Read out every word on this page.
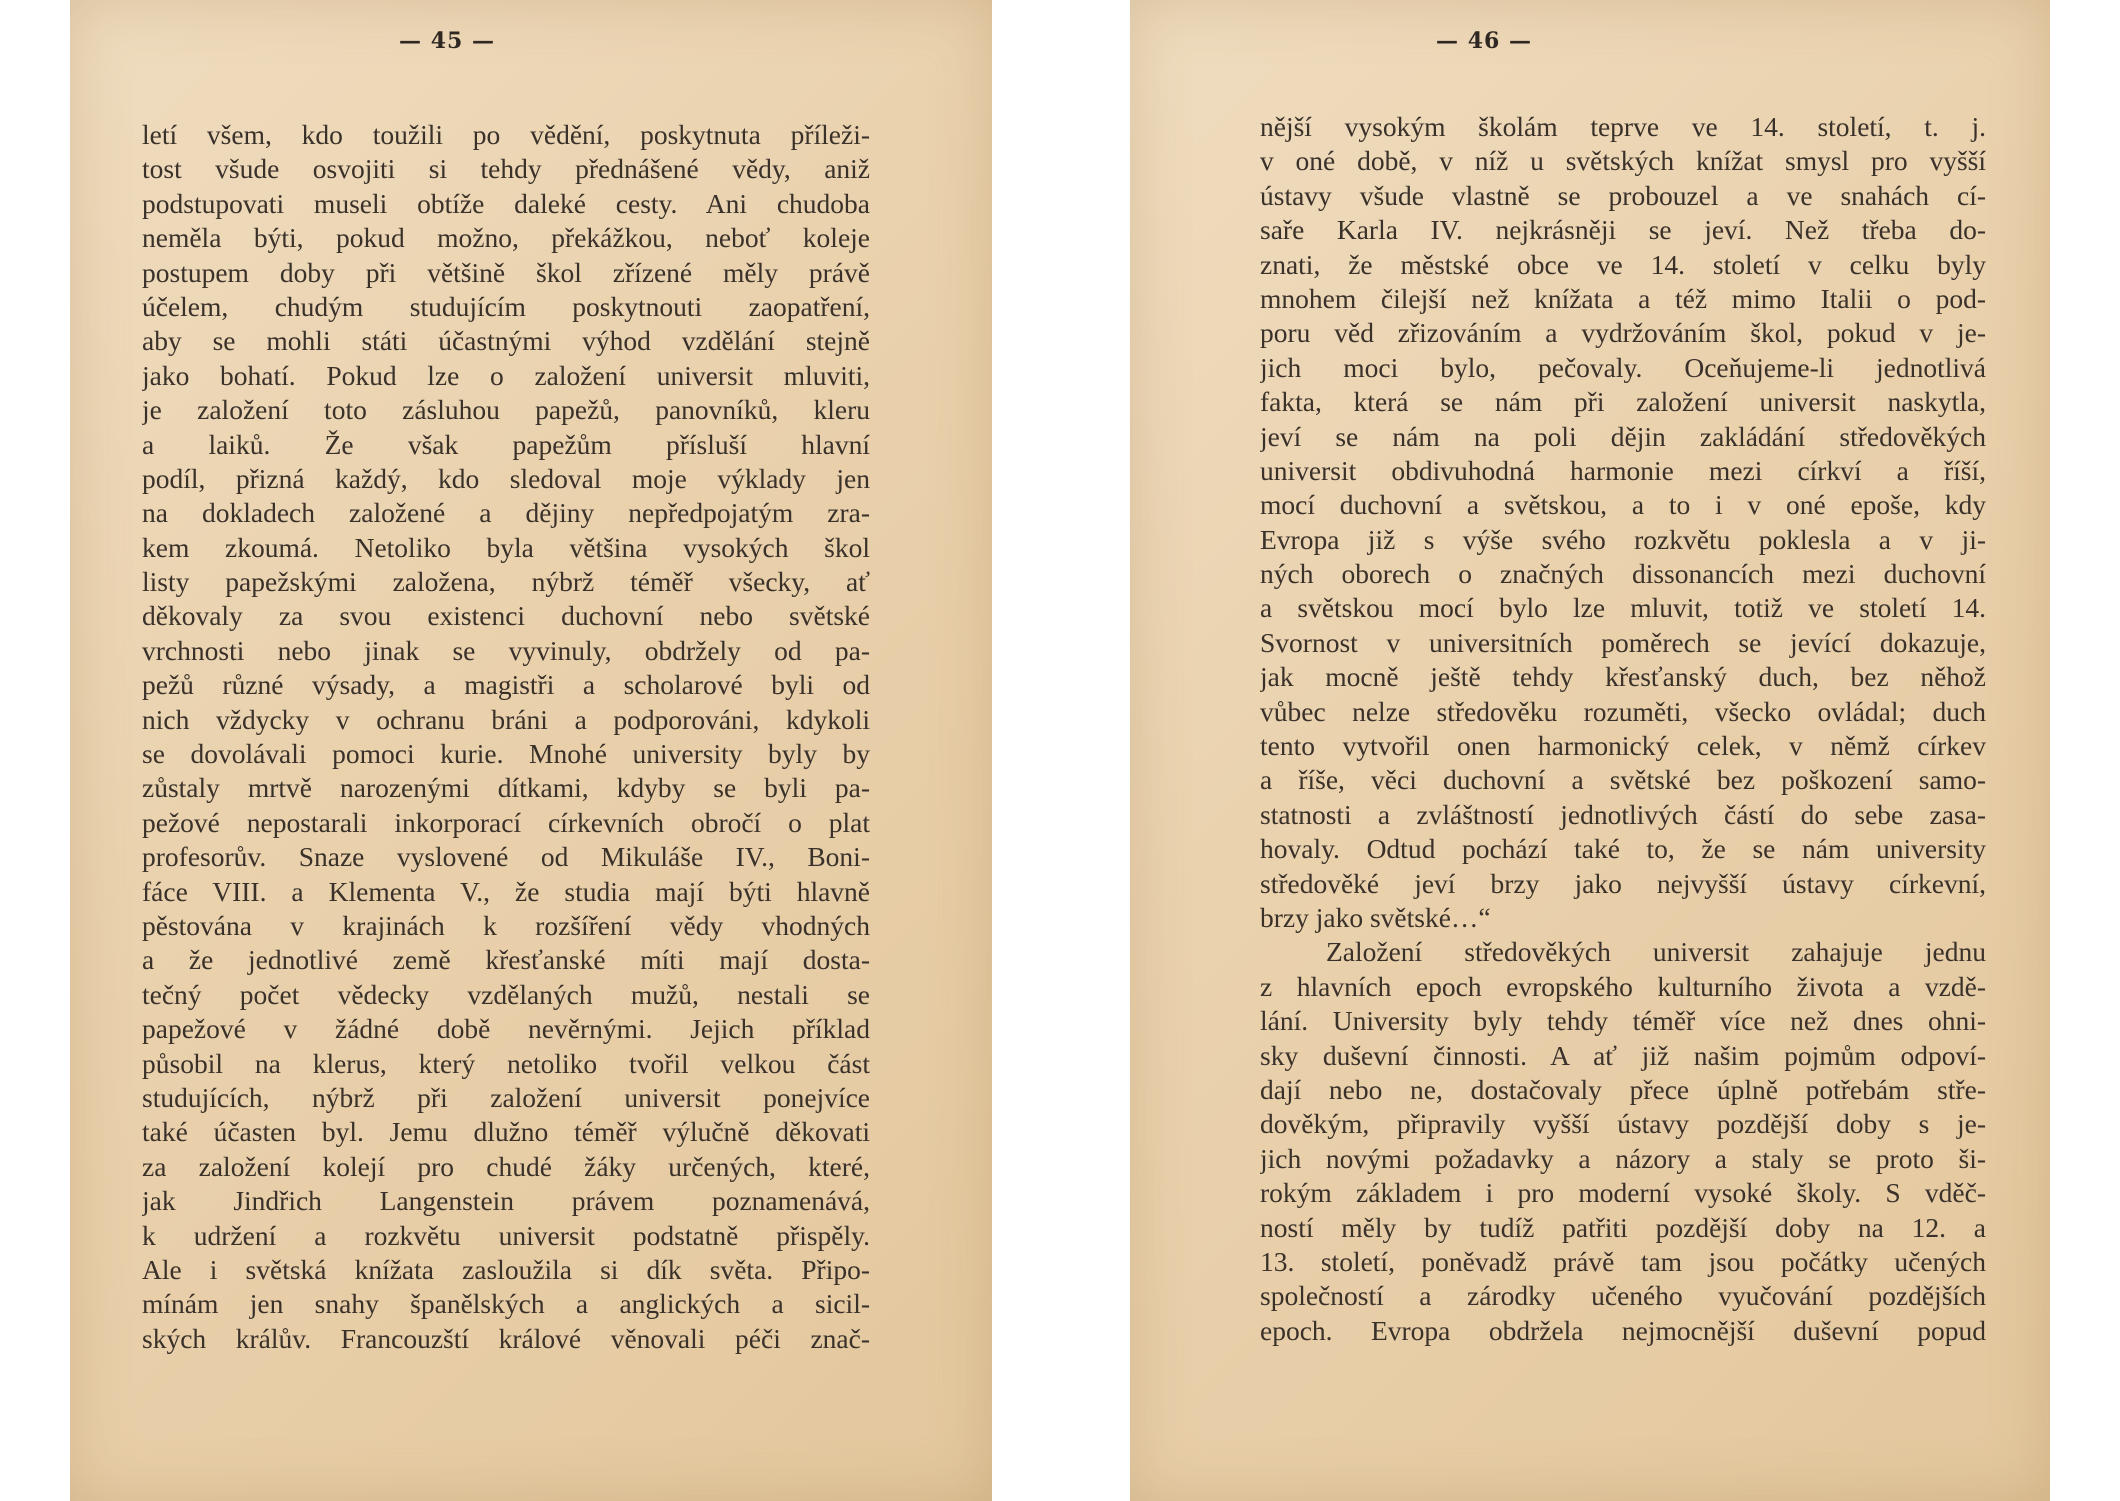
— 45 —
letí všem, kdo toužili po vědění, poskytnuta příleži-
tost všude osvojiti si tehdy přednášené vědy, aniž
podstupovati museli obtíže daleké cesty. Ani chudoba
neměla býti, pokud možno, překážkou, neboť koleje
postupem doby při většině škol zřízené měly právě
účelem, chudým studujícím poskytnouti zaopatření,
aby se mohli státi účastnými výhod vzdělání stejně
jako bohatí. Pokud lze o založení universit mluviti,
je založení toto zásluhou papežů, panovníků, kleru
a laiků. Že však papežům přísluší hlavní
podíl, přizná každý, kdo sledoval moje výklady jen
na dokladech založené a dějiny nepředpojatým zra-
kem zkoumá. Netoliko byla většina vysokých škol
listy papežskými založena, nýbrž téměř všecky, ať
děkovaly za svou existenci duchovní nebo světské
vrchnosti nebo jinak se vyvinuly, obdržely od pa-
pežů různé výsady, a magistři a scholarové byli od
nich vždycky v ochranu bráni a podporováni, kdykoli
se dovolávali pomoci kurie. Mnohé university byly by
zůstaly mrtvě narozenými dítkami, kdyby se byli pa-
pežové nepostarali inkorporací církevních obročí o plat
profesorův. Snaze vyslovené od Mikuláše IV., Boni-
fáce VIII. a Klementa V., že studia mají býti hlavně
pěstována v krajinách k rozšíření vědy vhodných
a že jednotlivé země křesťanské míti mají dosta-
tečný počet vědecky vzdělaných mužů, nestali se
papežové v žádné době nevěrnými. Jejich příklad
působil na klerus, který netoliko tvořil velkou část
studujících, nýbrž při založení universit ponejvíce
také účasten byl. Jemu dlužno téměř výlučně děkovati
za založení kolejí pro chudé žáky určených, které,
jak Jindřich Langenstein právem poznamenává,
k udržení a rozkvětu universit podstatně přispěly.
Ale i světská knížata zasloužila si dík světa. Připo-
mínám jen snahy španělských a anglických a sicil-
ských králův. Francouzští králové věnovali péči znač-
— 46 —
nější vysokým školám teprve ve 14. století, t. j.
v oné době, v níž u světských knížat smysl pro vyšší
ústavy všude vlastně se probouzel a ve snahách cí-
saře Karla IV. nejkrásněji se jeví. Než třeba do-
znati, že městské obce ve 14. století v celku byly
mnohem čilejší než knížata a též mimo Italii o pod-
poru věd zřizováním a vydržováním škol, pokud v je-
jich moci bylo, pečovaly. Oceňujeme-li jednotlivá
fakta, která se nám při založení universit naskytla,
jeví se nám na poli dějin zakládání středověkých
universit obdivuhodná harmonie mezi církví a říší,
mocí duchovní a světskou, a to i v oné epoše, kdy
Evropa již s výše svého rozkvětu poklesla a v ji-
ných oborech o značných dissonancích mezi duchovní
a světskou mocí bylo lze mluvit, totiž ve století 14.
Svornost v universitních poměrech se jevící dokazuje,
jak mocně ještě tehdy křesťanský duch, bez něhož
vůbec nelze středověku rozuměti, všecko ovládal; duch
tento vytvořil onen harmonický celek, v němž církev
a říše, věci duchovní a světské bez poškození samo-
statnosti a zvláštností jednotlivých částí do sebe zasa-
hovaly. Odtud pochází také to, že se nám university
středověké jeví brzy jako nejvyšší ústavy církevní,
brzy jako světské…“
Založení středověkých universit zahajuje jednu
z hlavních epoch evropského kulturního života a vzdě-
lání. University byly tehdy téměř více než dnes ohni-
sky duševní činnosti. A ať již našim pojmům odpoví-
dají nebo ne, dostačovaly přece úplně potřebám stře-
dověkým, připravily vyšší ústavy pozdější doby s je-
jich novými požadavky a názory a staly se proto ši-
rokým základem i pro moderní vysoké školy. S vděč-
ností měly by tudíž patřiti pozdější doby na 12. a
13. století, poněvadž právě tam jsou počátky učených
společností a zárodky učeného vyučování pozdějších
epoch. Evropa obdržela nejmocnější duševní popud
